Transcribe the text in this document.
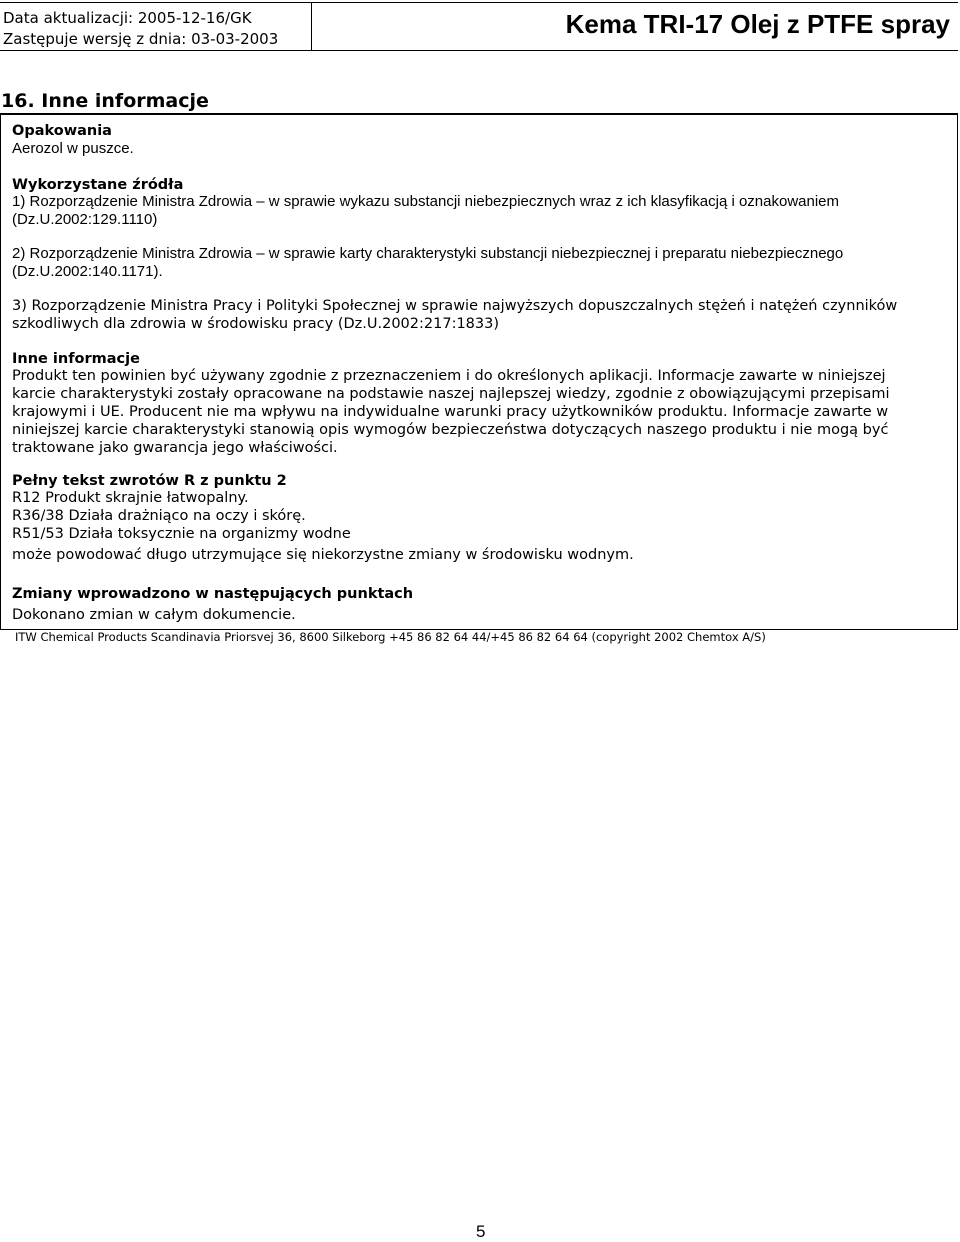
Data aktualizacji: 2005-12-16/GK
Zastępuje wersję z dnia: 03-03-2003	Kema TRI-17 Olej z PTFE spray
16. Inne informacje
Opakowania
Aerozol w puszce.
Wykorzystane źródła
1) Rozporządzenie Ministra Zdrowia – w sprawie wykazu substancji niebezpiecznych wraz z ich klasyfikacją i oznakowaniem
(Dz.U.2002:129.1110)
2) Rozporządzenie Ministra Zdrowia – w sprawie karty charakterystyki substancji niebezpiecznej i preparatu niebezpiecznego
(Dz.U.2002:140.1171).
3) Rozporządzenie Ministra Pracy i Polityki Społecznej w sprawie najwyższych dopuszczalnych stężeń i natężeń czynników
szkodliwych dla zdrowia w środowisku pracy (Dz.U.2002:217:1833)
Inne informacje
Produkt ten powinien być używany zgodnie z przeznaczeniem i do określonych aplikacji. Informacje zawarte w niniejszej
karcie charakterystyki zostały opracowane na podstawie naszej najlepszej wiedzy, zgodnie z obowiązującymi przepisami
krajowymi i UE. Producent nie ma wpływu na indywidualne warunki pracy użytkowników produktu. Informacje zawarte w
niniejszej karcie charakterystyki stanowią opis wymogów bezpieczeństwa dotyczących naszego produktu i nie mogą być
traktowane jako gwarancja jego właściwości.
Pełny tekst zwrotów R z punktu 2
R12 Produkt skrajnie łatwopalny.
R36/38 Działa drażniąco na oczy i skórę.
R51/53 Działa toksycznie na organizmy wodne
może powodować długo utrzymujące się niekorzystne zmiany w środowisku wodnym.
Zmiany wprowadzono w następujących punktach
Dokonano zmian w całym dokumencie.
ITW Chemical Products Scandinavia Priorsvej 36, 8600 Silkeborg +45 86 82 64 44/+45 86 82 64 64 (copyright 2002 Chemtox A/S)
5
